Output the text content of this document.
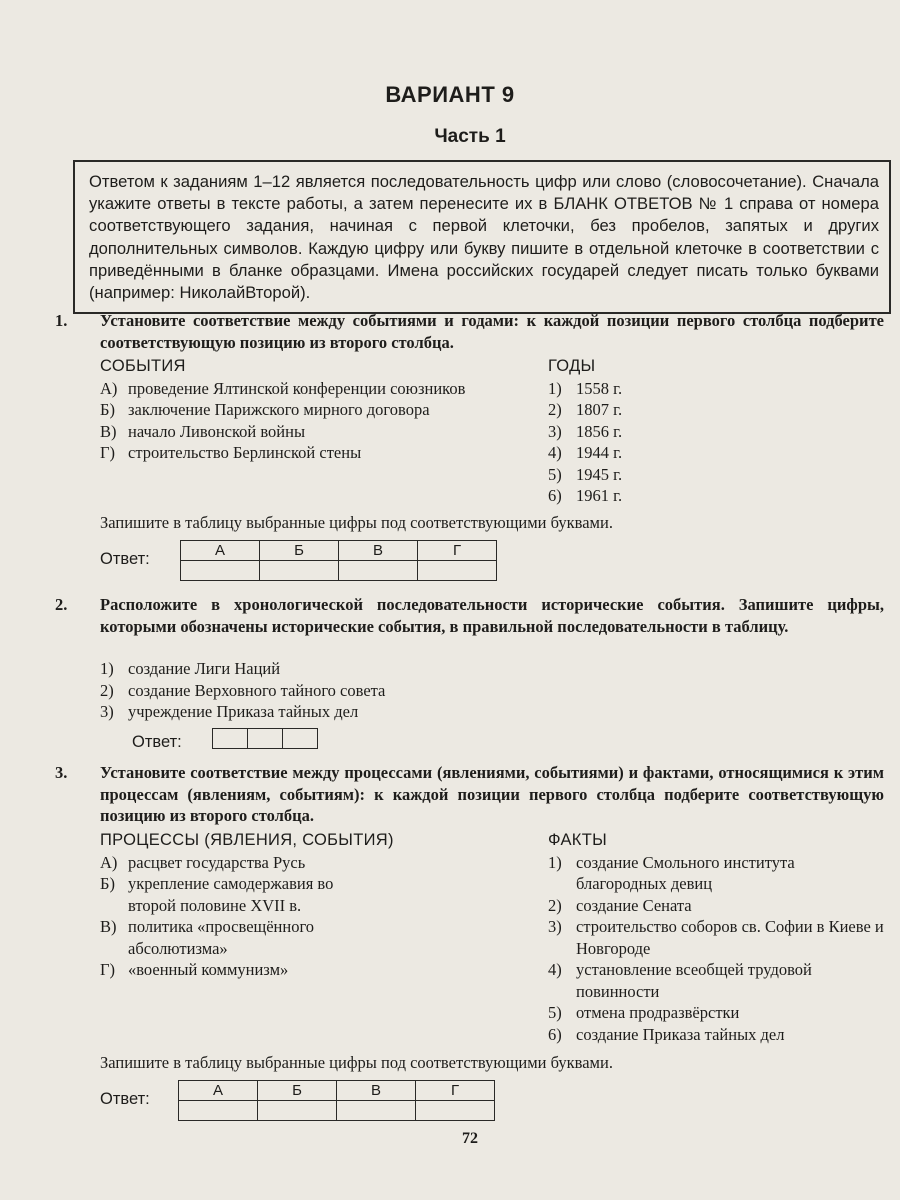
ВАРИАНТ 9
Часть 1
Ответом к заданиям 1–12 является последовательность цифр или слово (словосочетание). Сначала укажите ответы в тексте работы, а затем перенесите их в БЛАНК ОТВЕТОВ № 1 справа от номера соответствующего задания, начиная с первой клеточки, без пробелов, запятых и других дополнительных символов. Каждую цифру или букву пишите в отдельной клеточке в соответствии с приведёнными в бланке образцами. Имена российских государей следует писать только буквами (например: НиколайВторой).
1. Установите соответствие между событиями и годами: к каждой позиции первого столбца подберите соответствующую позицию из второго столбца.
СОБЫТИЯ
А) проведение Ялтинской конференции союзников
Б) заключение Парижского мирного договора
В) начало Ливонской войны
Г) строительство Берлинской стены
ГОДЫ
1) 1558 г.
2) 1807 г.
3) 1856 г.
4) 1944 г.
5) 1945 г.
6) 1961 г.
Запишите в таблицу выбранные цифры под соответствующими буквами.
Ответ:	А	Б	В	Г

2. Расположите в хронологической последовательности исторические события. Запишите цифры, которыми обозначены исторические события, в правильной последовательности в таблицу.
1) создание Лиги Наций
2) создание Верховного тайного совета
3) учреждение Приказа тайных дел
Ответ:

3. Установите соответствие между процессами (явлениями, событиями) и фактами, относящимися к этим процессам (явлениям, событиям): к каждой позиции первого столбца подберите соответствующую позицию из второго столбца.
ПРОЦЕССЫ (ЯВЛЕНИЯ, СОБЫТИЯ)
А) расцвет государства Русь
Б) укрепление самодержавия во второй половине XVII в.
В) политика «просвещённого абсолютизма»
Г) «военный коммунизм»
ФАКТЫ
1) создание Смольного института благородных девиц
2) создание Сената
3) строительство соборов св. Софии в Киеве и Новгороде
4) установление всеобщей трудовой повинности
5) отмена продразвёрстки
6) создание Приказа тайных дел
Запишите в таблицу выбранные цифры под соответствующими буквами.
Ответ:	А	Б	В	Г

72
